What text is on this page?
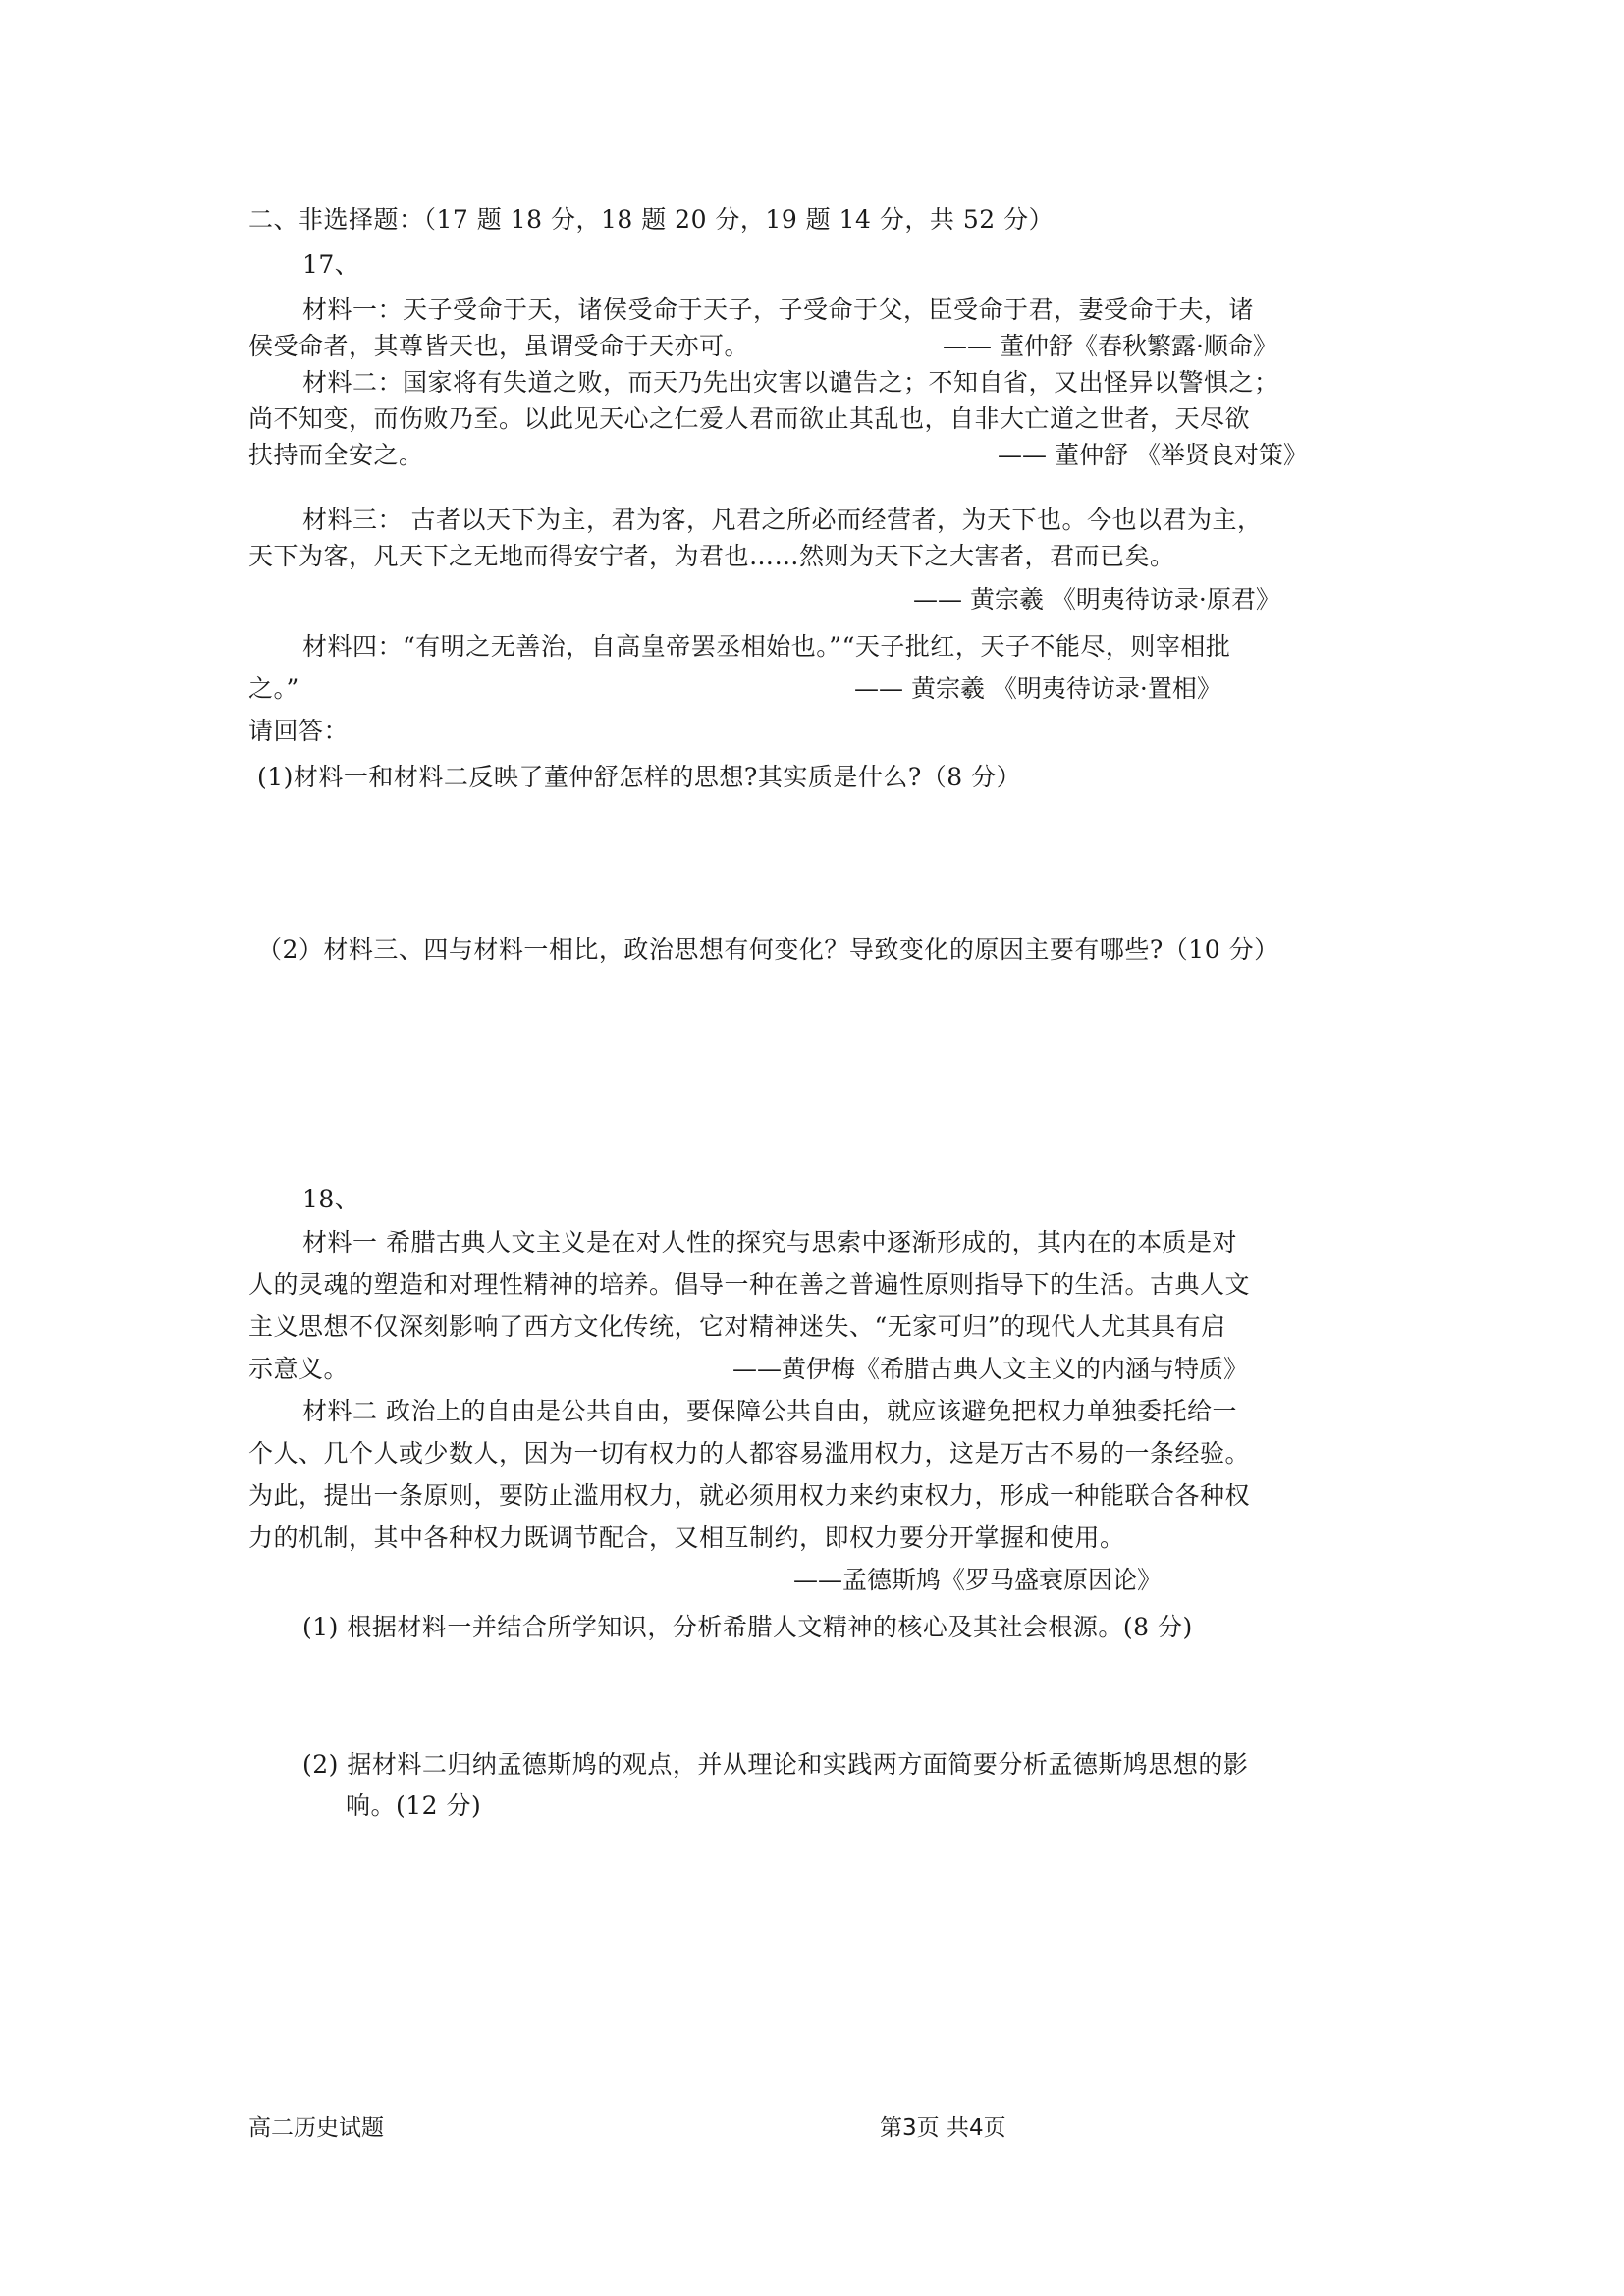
二、非选择题：（17 题 18 分，18 题 20 分，19 题 14 分，共 52 分）
17、
材料一：天子受命于天，诸侯受命于天子，子受命于父，臣受命于君，妻受命于夫，诸
侯受命者，其尊皆天也，虽谓受命于天亦可。	—— 董仲舒《春秋繁露·顺命》
材料二：国家将有失道之败，而天乃先出灾害以谴告之；不知自省，又出怪异以警惧之；
尚不知变，而伤败乃至。以此见天心之仁爱人君而欲止其乱也，自非大亡道之世者，天尽欲
扶持而全安之。	—— 董仲舒 《举贤良对策》
材料三： 古者以天下为主，君为客，凡君之所必而经营者，为天下也。今也以君为主，
天下为客，凡天下之无地而得安宁者，为君也……然则为天下之大害者，君而已矣。
—— 黄宗羲 《明夷待访录·原君》
材料四：“有明之无善治，自高皇帝罢丞相始也。”“天子批红，天子不能尽，则宰相批
之。”	—— 黄宗羲 《明夷待访录·置相》
请回答：
(1)材料一和材料二反映了董仲舒怎样的思想?其实质是什么?（8 分）
（2）材料三、四与材料一相比，政治思想有何变化？导致变化的原因主要有哪些?（10 分）
18、
材料一 希腊古典人文主义是在对人性的探究与思索中逐渐形成的，其内在的本质是对
人的灵魂的塑造和对理性精神的培养。倡导一种在善之普遍性原则指导下的生活。古典人文
主义思想不仅深刻影响了西方文化传统，它对精神迷失、“无家可归”的现代人尤其具有启
示意义。	——黄伊梅《希腊古典人文主义的内涵与特质》
材料二 政治上的自由是公共自由，要保障公共自由，就应该避免把权力单独委托给一
个人、几个人或少数人，因为一切有权力的人都容易滥用权力，这是万古不易的一条经验。
为此，提出一条原则，要防止滥用权力，就必须用权力来约束权力，形成一种能联合各种权
力的机制，其中各种权力既调节配合，又相互制约，即权力要分开掌握和使用。
——孟德斯鸠《罗马盛衰原因论》
(1) 根据材料一并结合所学知识，分析希腊人文精神的核心及其社会根源。(8 分)
(2) 据材料二归纳孟德斯鸠的观点，并从理论和实践两方面简要分析孟德斯鸠思想的影
响。(12 分)
高二历史试题	第3页 共4页
